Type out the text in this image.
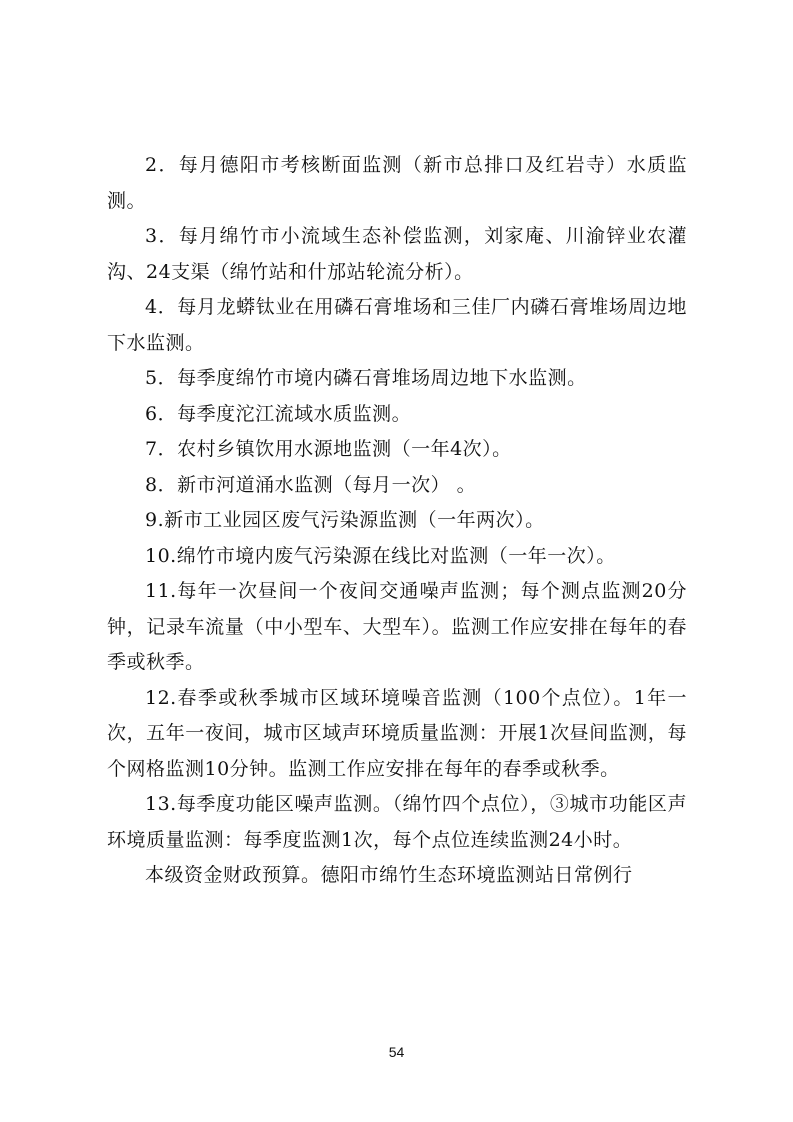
2．每月德阳市考核断面监测（新市总排口及红岩寺）水质监测。

3．每月绵竹市小流域生态补偿监测，刘家庵、川渝锌业农灌沟、24支渠（绵竹站和什邡站轮流分析）。

4．每月龙蟒钛业在用磷石膏堆场和三佳厂内磷石膏堆场周边地下水监测。

5．每季度绵竹市境内磷石膏堆场周边地下水监测。

6．每季度沱江流域水质监测。

7．农村乡镇饮用水源地监测（一年4次）。

8．新市河道涌水监测（每月一次） 。

9.新市工业园区废气污染源监测（一年两次）。

10.绵竹市境内废气污染源在线比对监测（一年一次）。

11.每年一次昼间一个夜间交通噪声监测；每个测点监测20分钟，记录车流量（中小型车、大型车）。监测工作应安排在每年的春季或秋季。

12.春季或秋季城市区域环境噪音监测（100个点位）。1年一次，五年一夜间，城市区域声环境质量监测：开展1次昼间监测，每个网格监测10分钟。监测工作应安排在每年的春季或秋季。

13.每季度功能区噪声监测。（绵竹四个点位），③城市功能区声环境质量监测：每季度监测1次，每个点位连续监测24小时。

本级资金财政预算。德阳市绵竹生态环境监测站日常例行

54
